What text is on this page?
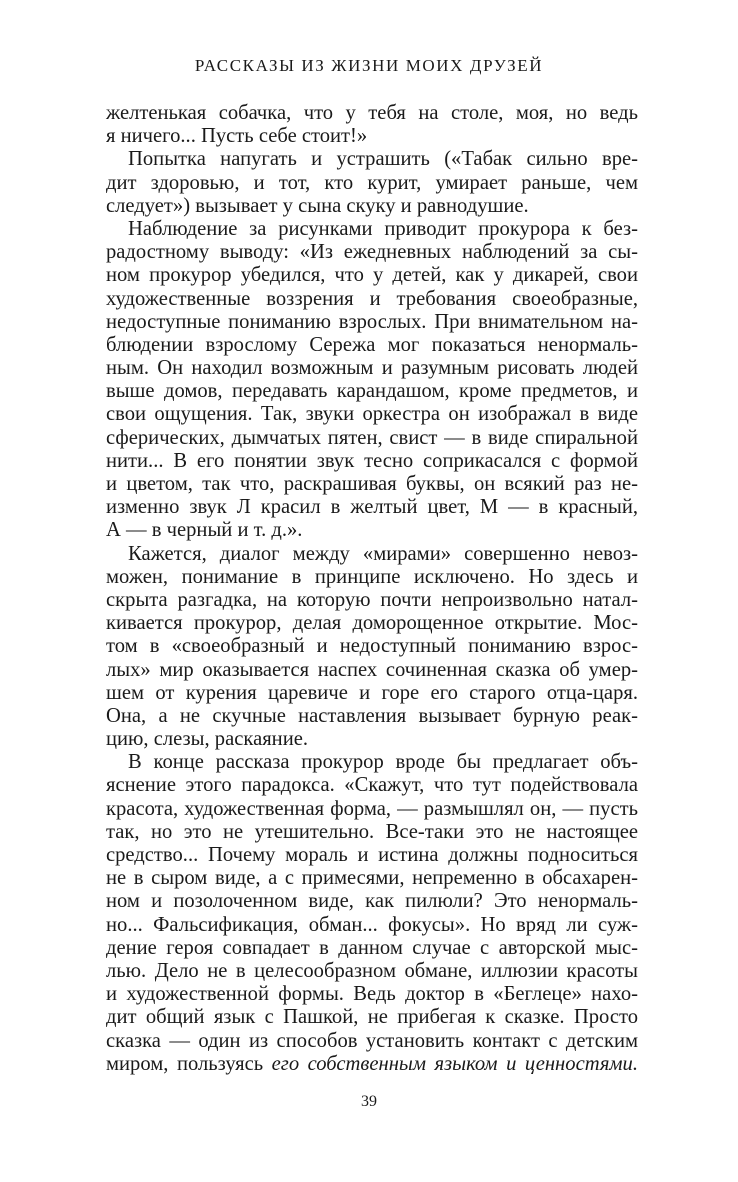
РАССКАЗЫ ИЗ ЖИЗНИ МОИХ ДРУЗЕЙ
желтенькая собачка, что у тебя на столе, моя, но ведь
я ничего... Пусть себе стоит!»
Попытка напугать и устрашить («Табак сильно вре-
дит здоровью, и тот, кто курит, умирает раньше, чем
следует») вызывает у сына скуку и равнодушие.
Наблюдение за рисунками приводит прокурора к без-
радостному выводу: «Из ежедневных наблюдений за сы-
ном прокурор убедился, что у детей, как у дикарей, свои
художественные воззрения и требования своеобразные,
недоступные пониманию взрослых. При внимательном на-
блюдении взрослому Сережа мог показаться ненормаль-
ным. Он находил возможным и разумным рисовать людей
выше домов, передавать карандашом, кроме предметов, и
свои ощущения. Так, звуки оркестра он изображал в виде
сферических, дымчатых пятен, свист — в виде спиральной
нити... В его понятии звук тесно соприкасался с формой
и цветом, так что, раскрашивая буквы, он всякий раз не-
изменно звук Л красил в желтый цвет, М — в красный,
А — в черный и т. д.».
Кажется, диалог между «мирами» совершенно невоз-
можен, понимание в принципе исключено. Но здесь и
скрыта разгадка, на которую почти непроизвольно натал-
кивается прокурор, делая доморощенное открытие. Мос-
том в «своеобразный и недоступный пониманию взрос-
лых» мир оказывается наспех сочиненная сказка об умер-
шем от курения царевиче и горе его старого отца-царя.
Она, а не скучные наставления вызывает бурную реак-
цию, слезы, раскаяние.
В конце рассказа прокурор вроде бы предлагает объ-
яснение этого парадокса. «Скажут, что тут подействовала
красота, художественная форма, — размышлял он, — пусть
так, но это не утешительно. Все-таки это не настоящее
средство... Почему мораль и истина должны подноситься
не в сыром виде, а с примесями, непременно в обсахарен-
ном и позолоченном виде, как пилюли? Это ненормаль-
но... Фальсификация, обман... фокусы». Но вряд ли суж-
дение героя совпадает в данном случае с авторской мыс-
лью. Дело не в целесообразном обмане, иллюзии красоты
и художественной формы. Ведь доктор в «Беглеце» нахо-
дит общий язык с Пашкой, не прибегая к сказке. Просто
сказка — один из способов установить контакт с детским
миром, пользуясь его собственным языком и ценностями.
39
